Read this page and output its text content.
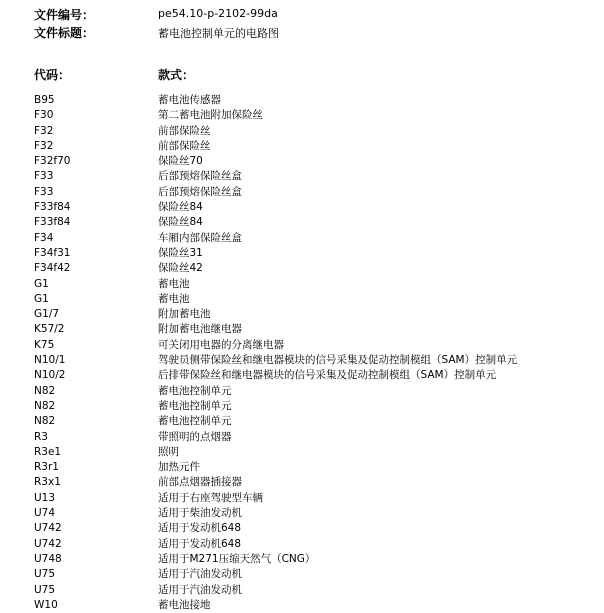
文件编号：	pe54.10-p-2102-99da
文件标题：	蓄电池控制单元的电路图
代码：	款式：
B95	蓄电池传感器
F30	第二蓄电池附加保险丝
F32	前部保险丝
F32	前部保险丝
F32f70	保险丝70
F33	后部预熔保险丝盒
F33	后部预熔保险丝盒
F33f84	保险丝84
F33f84	保险丝84
F34	车厢内部保险丝盒
F34f31	保险丝31
F34f42	保险丝42
G1	蓄电池
G1	蓄电池
G1/7	附加蓄电池
K57/2	附加蓄电池继电器
K75	可关闭用电器的分离继电器
N10/1	驾驶员侧带保险丝和继电器模块的信号采集及促动控制模组（SAM）控制单元
N10/2	后排带保险丝和继电器模块的信号采集及促动控制模组（SAM）控制单元
N82	蓄电池控制单元
N82	蓄电池控制单元
N82	蓄电池控制单元
R3	带照明的点烟器
R3e1	照明
R3r1	加热元件
R3x1	前部点烟器插接器
U13	适用于右座驾驶型车辆
U74	适用于柴油发动机
U742	适用于发动机648
U742	适用于发动机648
U748	适用于M271压缩天然气（CNG）
U75	适用于汽油发动机
U75	适用于汽油发动机
W10	蓄电池接地
